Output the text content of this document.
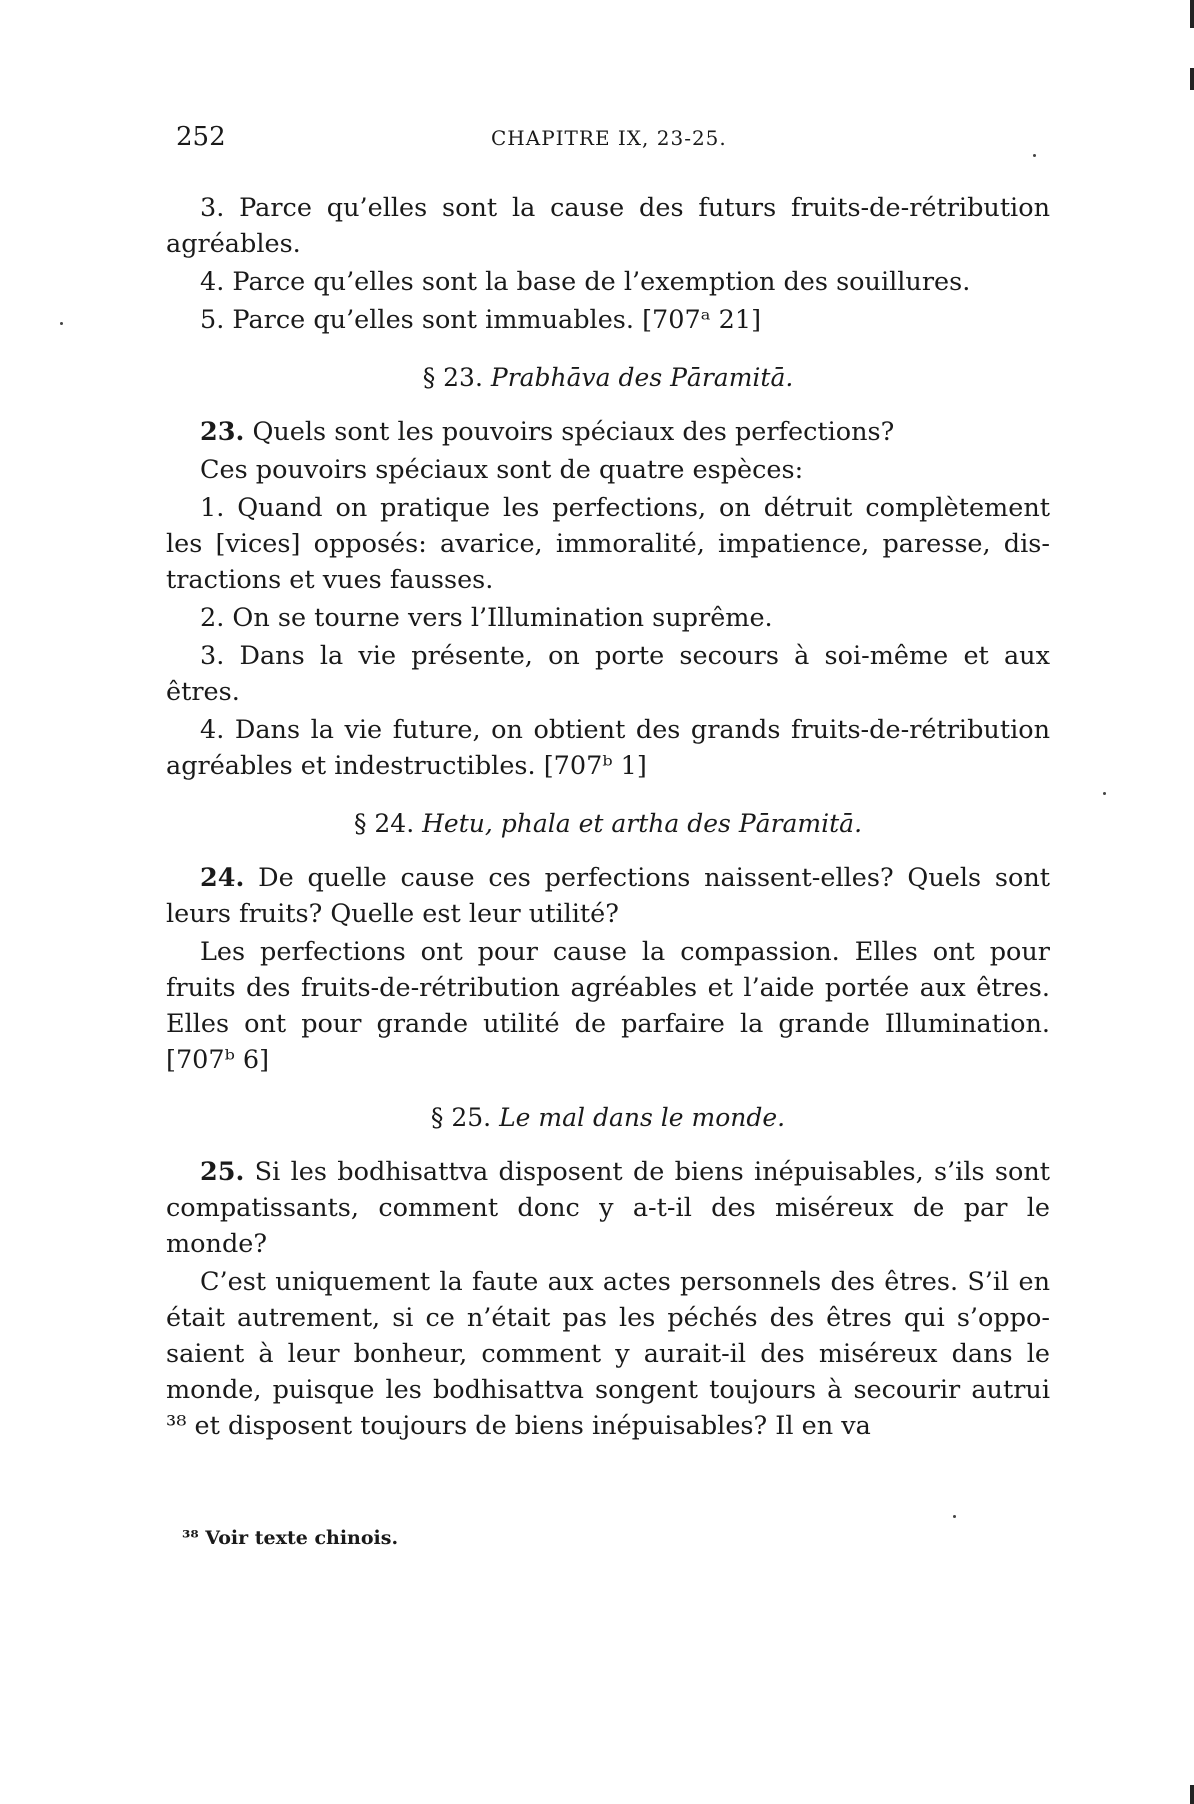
252	CHAPITRE IX, 23-25.

3. Parce qu’elles sont la cause des futurs fruits-de-rétribution agréables.

4. Parce qu’elles sont la base de l’exemption des souillures.

5. Parce qu’elles sont immuables. [707ᵃ 21]

§ 23. Prabhāva des Pāramitā.

23. Quels sont les pouvoirs spéciaux des perfections?

Ces pouvoirs spéciaux sont de quatre espèces:

1. Quand on pratique les perfections, on détruit complètement les [vices] opposés: avarice, immoralité, impatience, paresse, dis-tractions et vues fausses.

2. On se tourne vers l’Illumination suprême.

3. Dans la vie présente, on porte secours à soi-même et aux êtres.

4. Dans la vie future, on obtient des grands fruits-de-rétribution agréables et indestructibles. [707ᵇ 1]

§ 24. Hetu, phala et artha des Pāramitā.

24. De quelle cause ces perfections naissent-elles? Quels sont leurs fruits? Quelle est leur utilité?

Les perfections ont pour cause la compassion. Elles ont pour fruits des fruits-de-rétribution agréables et l’aide portée aux êtres. Elles ont pour grande utilité de parfaire la grande Illumination. [707ᵇ 6]

§ 25. Le mal dans le monde.

25. Si les bodhisattva disposent de biens inépuisables, s’ils sont compatissants, comment donc y a-t-il des miséreux de par le monde?

C’est uniquement la faute aux actes personnels des êtres. S’il en était autrement, si ce n’était pas les péchés des êtres qui s’oppo-saient à leur bonheur, comment y aurait-il des miséreux dans le monde, puisque les bodhisattva songent toujours à secourir autrui ³⁸ et disposent toujours de biens inépuisables? Il en va

³⁸ Voir texte chinois.
